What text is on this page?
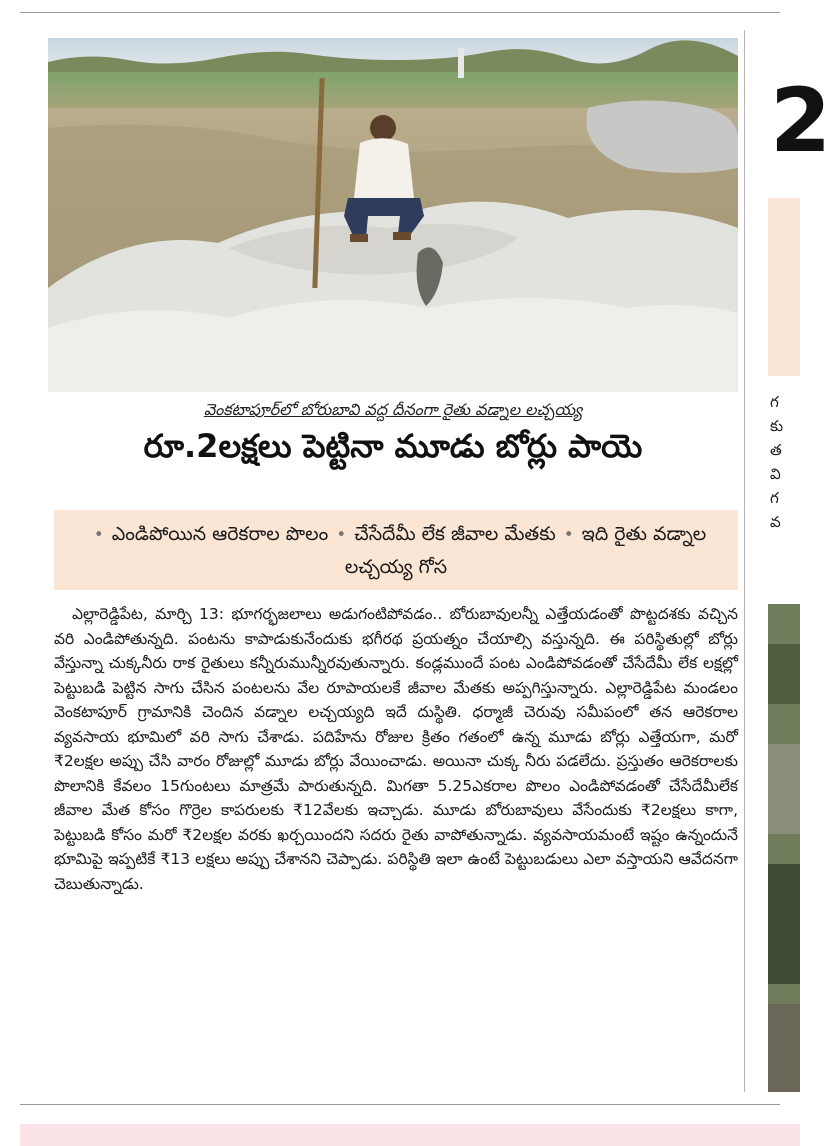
వెంకటాపూర్‌లో బోరుబావి వద్ద దీనంగా రైతు వడ్నాల లచ్చయ్య
రూ.2లక్షలు పెట్టినా మూడు బోర్లు పాయె
• ఎండిపోయిన ఆరెకరాల పొలం • చేసేదేమీ లేక జీవాల మేతకు • ఇది రైతు వడ్నాల లచ్చయ్య గోస
ఎల్లారెడ్డిపేట, మార్చి 13: భూగర్భజలాలు అడుగంటిపోవడం.. బోరుబావులన్నీ ఎత్తేయడంతో పొట్టదశకు వచ్చిన వరి ఎండిపోతున్నది. పంటను కాపాడుకునేందుకు భగీరథ ప్రయత్నం చేయాల్సి వస్తున్నది. ఈ పరిస్థితుల్లో బోర్లు వేస్తున్నా చుక్కనీరు రాక రైతులు కన్నీరుమున్నీరవుతున్నారు. కండ్లముందే పంట ఎండిపోవడంతో చేసేదేమీ లేక లక్షల్లో పెట్టుబడి పెట్టిన సాగు చేసిన పంటలను వేల రూపాయలకే జీవాల మేతకు అప్పగిస్తున్నారు. ఎల్లారెడ్డిపేట మండలం వెంకటాపూర్ గ్రామానికి చెందిన వడ్నాల లచ్చయ్యది ఇదే దుస్థితి. ధర్మాజీ చెరువు సమీపంలో తన ఆరెకరాల వ్యవసాయ భూమిలో వరి సాగు చేశాడు. పదిహేను రోజుల క్రితం గతంలో ఉన్న మూడు బోర్లు ఎత్తేయగా, మరో ₹2లక్షల అప్పు చేసి వారం రోజుల్లో మూడు బోర్లు వేయించాడు. అయినా చుక్క నీరు పడలేదు. ప్రస్తుతం ఆరెకరాలకు పొలానికి కేవలం 15గుంటలు మాత్రమే పారుతున్నది. మిగతా 5.25ఎకరాల పొలం ఎండిపోవడంతో చేసేదేమీలేక జీవాల మేత కోసం గొర్రెల కాపరులకు ₹12వేలకు ఇచ్చాడు. మూడు బోరుబావులు వేసేందుకు ₹2లక్షలు కాగా, పెట్టుబడి కోసం మరో ₹2లక్షల వరకు ఖర్చయిందని సదరు రైతు వాపోతున్నాడు. వ్యవసాయమంటే ఇష్టం ఉన్నందునే భూమిపై ఇప్పటికే ₹13 లక్షలు అప్పు చేశానని చెప్పాడు. పరిస్థితి ఇలా ఉంటే పెట్టుబడులు ఎలా వస్తాయని ఆవేదనగా చెబుతున్నాడు.
2
గ
కు
త
వి
గ
వ
